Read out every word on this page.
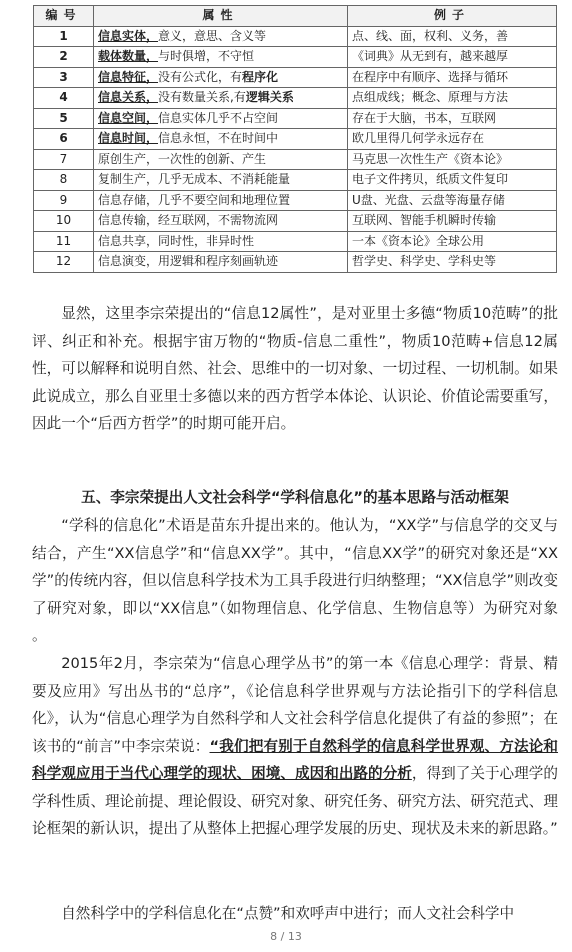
编号	属性	例子
1	信息实体，意义，意思、含义等	点、线、面，权利、义务，善
2	载体数量，与时俱增，不守恒	《词典》从无到有，越来越厚
3	信息特征，没有公式化，有程序化	在程序中有顺序、选择与循环
4	信息关系，没有数量关系,有逻辑关系	点组成线；概念、原理与方法
5	信息空间，信息实体几乎不占空间	存在于大脑，书本，互联网
6	信息时间，信息永恒，不在时间中	欧几里得几何学永远存在
7	原创生产，一次性的创新、产生	马克思一次性生产《资本论》
8	复制生产，几乎无成本、不消耗能量	电子文件拷贝，纸质文件复印
9	信息存储，几乎不要空间和地理位置	U盘、光盘、云盘等海量存储
10	信息传输，经互联网，不需物流网	互联网、智能手机瞬时传输
11	信息共享，同时性，非异时性	一本《资本论》全球公用
12	信息演变，用逻辑和程序刻画轨迹	哲学史、科学史、学科史等

显然，这里李宗荣提出的“信息12属性”，是对亚里士多德“物质10范畴”的批评、纠正和补充。根据宇宙万物的“物质-信息二重性”，物质10范畴+信息12属性，可以解释和说明自然、社会、思维中的一切对象、一切过程、一切机制。如果此说成立，那么自亚里士多德以来的西方哲学本体论、认识论、价值论需要重写，因此一个“后西方哲学”的时期可能开启。

五、李宗荣提出人文社会科学“学科信息化”的基本思路与活动框架

“学科的信息化”术语是苗东升提出来的。他认为，“XX学”与信息学的交叉与结合，产生“XX信息学”和“信息XX学”。其中，“信息XX学”的研究对象还是“XX学”的传统内容，但以信息科学技术为工具手段进行归纳整理；“XX信息学”则改变了研究对象，即以“XX信息”（如物理信息、化学信息、生物信息等）为研究对象 。

2015年2月，李宗荣为“信息心理学丛书”的第一本《信息心理学：背景、精要及应用》写出丛书的“总序”，《论信息科学世界观与方法论指引下的学科信息化》，认为“信息心理学为自然科学和人文社会科学信息化提供了有益的参照”；在该书的“前言”中李宗荣说：“我们把有别于自然科学的信息科学世界观、方法论和科学观应用于当代心理学的现状、困境、成因和出路的分析，得到了关于心理学的学科性质、理论前提、理论假设、研究对象、研究任务、研究方法、研究范式、理论框架的新认识，提出了从整体上把握心理学发展的历史、现状及未来的新思路。”

自然科学中的学科信息化在“点赞”和欢呼声中进行；而人文社会科学中

8 / 13
